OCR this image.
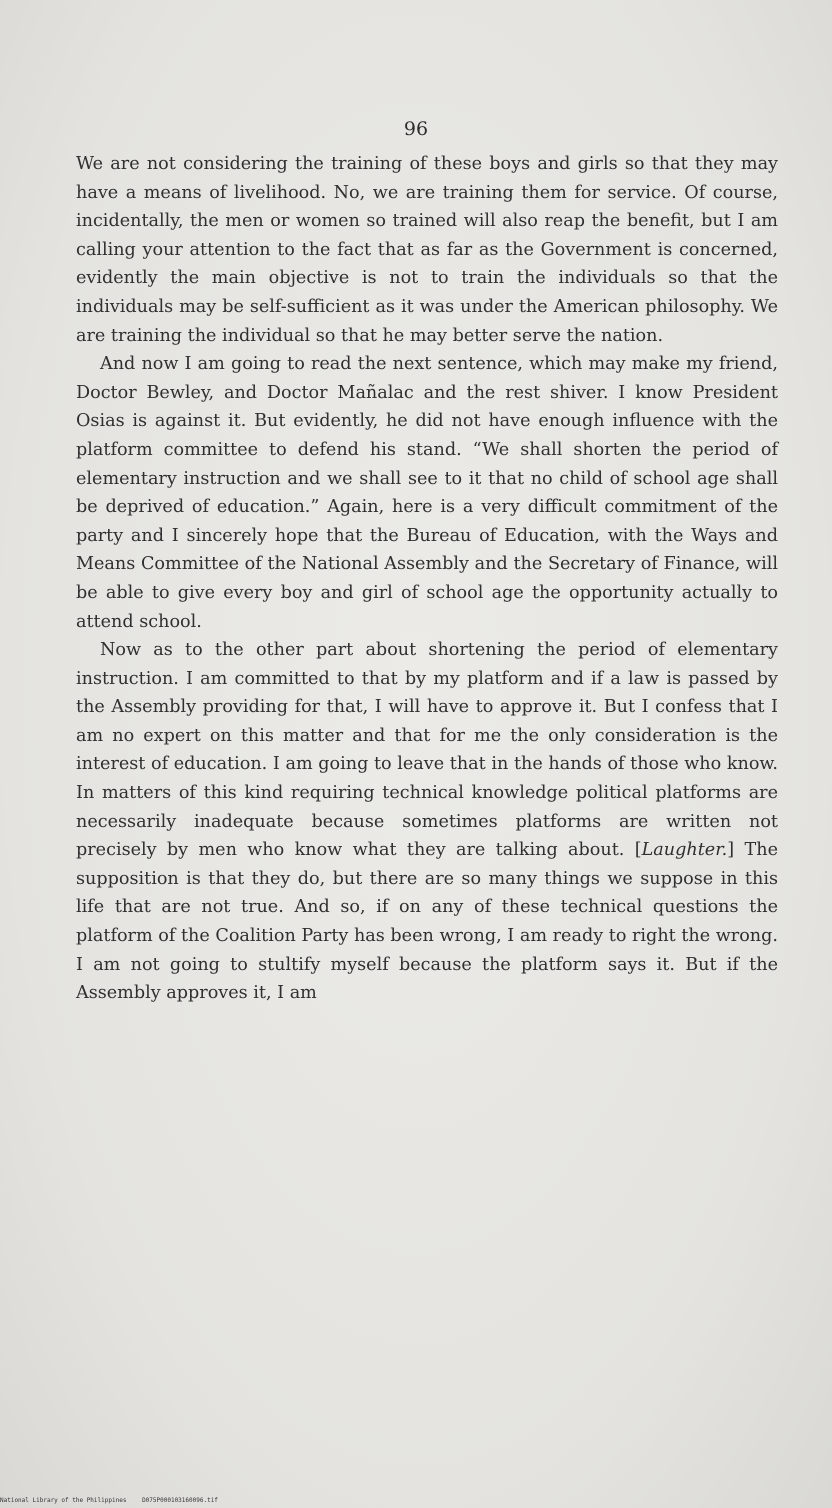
96

We are not considering the training of these boys and girls so that they may have a means of livelihood. No, we are training them for service. Of course, incidentally, the men or women so trained will also reap the benefit, but I am calling your attention to the fact that as far as the Government is concerned, evidently the main objective is not to train the individuals so that the individuals may be self-sufficient as it was under the American philosophy. We are training the individual so that he may better serve the nation.

And now I am going to read the next sentence, which may make my friend, Doctor Bewley, and Doctor Mañalac and the rest shiver. I know President Osias is against it. But evidently, he did not have enough influence with the platform committee to defend his stand. “We shall shorten the period of elementary instruction and we shall see to it that no child of school age shall be deprived of education.” Again, here is a very difficult commitment of the party and I sincerely hope that the Bureau of Education, with the Ways and Means Committee of the National Assembly and the Secretary of Finance, will be able to give every boy and girl of school age the opportunity actually to attend school.

Now as to the other part about shortening the period of elementary instruction. I am committed to that by my platform and if a law is passed by the Assembly providing for that, I will have to approve it. But I confess that I am no expert on this matter and that for me the only consideration is the interest of education. I am going to leave that in the hands of those who know. In matters of this kind requiring technical knowledge political platforms are necessarily inadequate because sometimes platforms are written not precisely by men who know what they are talking about. [Laughter.] The supposition is that they do, but there are so many things we suppose in this life that are not true. And so, if on any of these technical questions the platform of the Coalition Party has been wrong, I am ready to right the wrong. I am not going to stultify myself because the platform says it. But if the Assembly approves it, I am

National Library of the Philippines	D075P000103160096.tif
